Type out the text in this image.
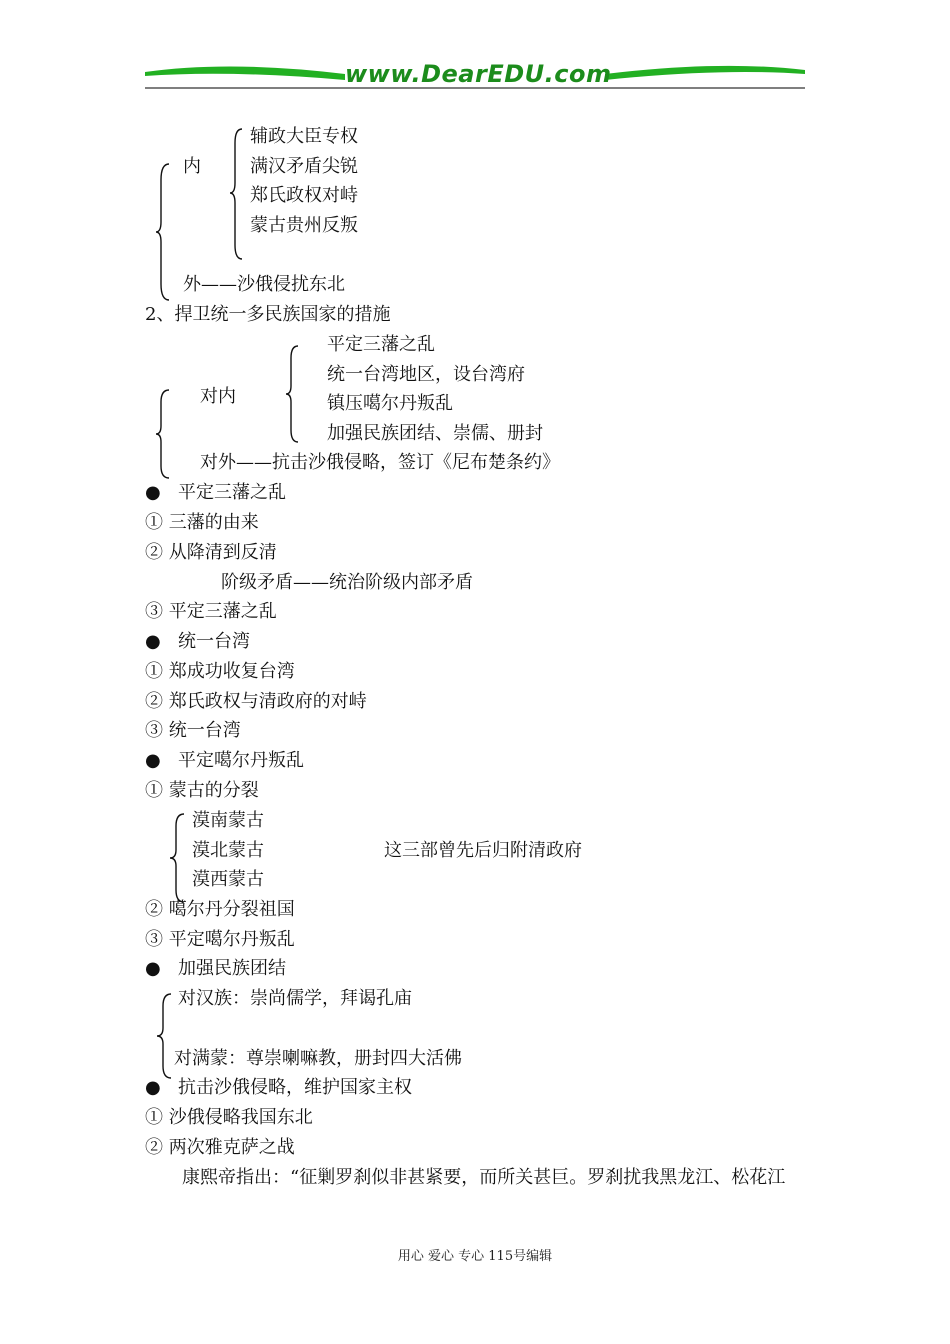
www.DearEDU.com
内
辅政大臣专权
满汉矛盾尖锐
郑氏政权对峙
蒙古贵州反叛
外——沙俄侵扰东北
2、捍卫统一多民族国家的措施
对内
平定三藩之乱
统一台湾地区，设台湾府
镇压噶尔丹叛乱
加强民族团结、崇儒、册封
对外——抗击沙俄侵略，签订《尼布楚条约》
● 平定三藩之乱
① 三藩的由来
② 从降清到反清
阶级矛盾——统治阶级内部矛盾
③ 平定三藩之乱
● 统一台湾
① 郑成功收复台湾
② 郑氏政权与清政府的对峙
③ 统一台湾
● 平定噶尔丹叛乱
① 蒙古的分裂
漠南蒙古
漠北蒙古	这三部曾先后归附清政府
漠西蒙古
② 噶尔丹分裂祖国
③ 平定噶尔丹叛乱
● 加强民族团结
对汉族：崇尚儒学，拜谒孔庙
对满蒙：尊崇喇嘛教，册封四大活佛
● 抗击沙俄侵略，维护国家主权
① 沙俄侵略我国东北
② 两次雅克萨之战
康熙帝指出：“征剿罗刹似非甚紧要，而所关甚巨。罗刹扰我黑龙江、松花江
用心 爱心 专心 115号编辑
